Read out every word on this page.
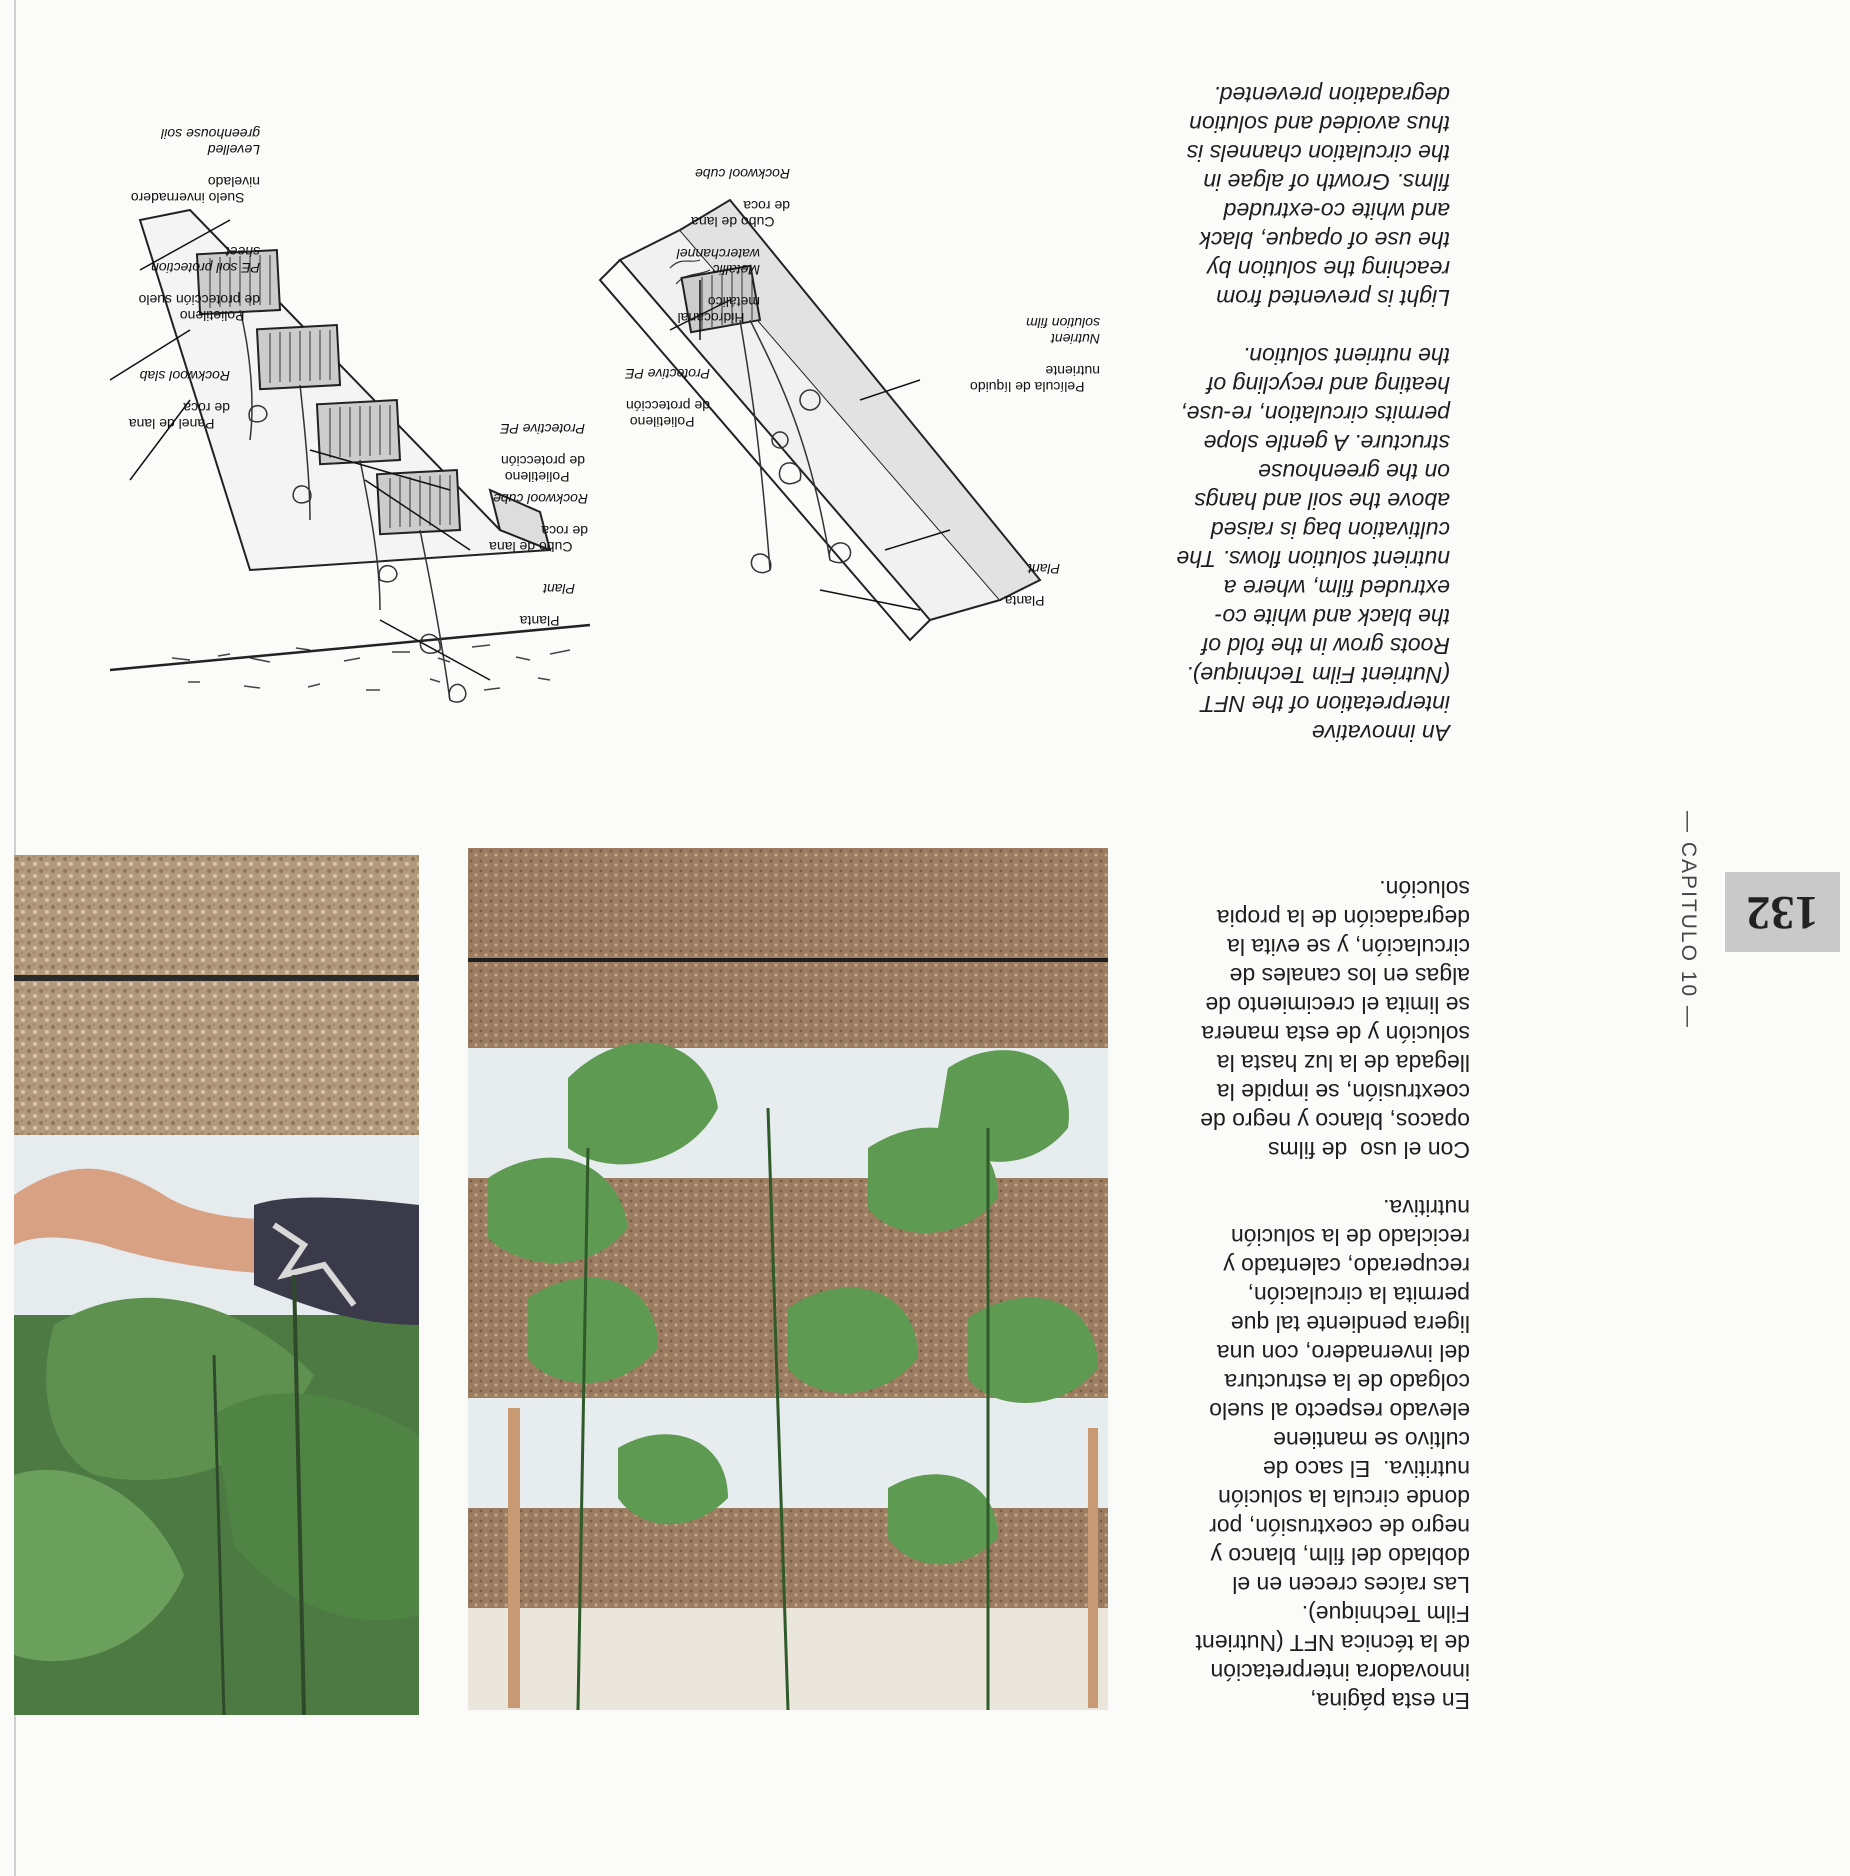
132
— CAPITULO 10 —
An innovative
interpretation of the NFT
(Nutrient Film Technique).
Roots grow in the fold of
the black and white co-
extruded film, where a
nutrient solution flows. The
cultivation bag is raised
above the soil and hangs
on the greenhouse
structure. A gentle slope
permits circulation, re-use,
heating and recycling of
the nutrient solution.

Light is prevented from
reaching the solution by
the use of opaque, black
and white co-extruded
films. Growth of algae in
the circulation channels is
thus avoided and solution
degradation prevented.
En esta página,
innovadora interpretación
de la técnica NFT (Nutrient
Film Technique).
Las raíces crecen en el
doblado del film, blanco y
negro de coextrusión, por
donde circula la solución
nutritiva.  El saco de
cultivo se mantiene
elevado respecto al suelo
colgado de la estructura
del invernadero, con una
ligera pendiente tal que
permita la circulación,
recuperado, calentado y
reciclado de la solución
nutritiva.

Con el uso  de films
opacos, blanco y negro de
coextrusión, se impide la
llegada de la luz hasta la
solución y de esta manera
se limita el crecimiento de
algas en los canales de
circulación, y se evita la
degradación de la propia
solución.

Planta

Plant

Cubo de lana
de roca

Rockwool cube

Polietileno
de protección

Protective PE

Panel de lana
de roca

Rockwool slab

Polietileno
de protección suelo

PE soil protection
sheet

Suelo invernadero
nivelado

Levelled
greenhouse soil

Planta

Plant

Polietileno
de protección

Protective PE

Película de líquido
nutriente

Nutrient
solution film

Hidrocanal
metálico

Metallic
waterchannel

Cubo de lana
de roca

Rockwool cube
